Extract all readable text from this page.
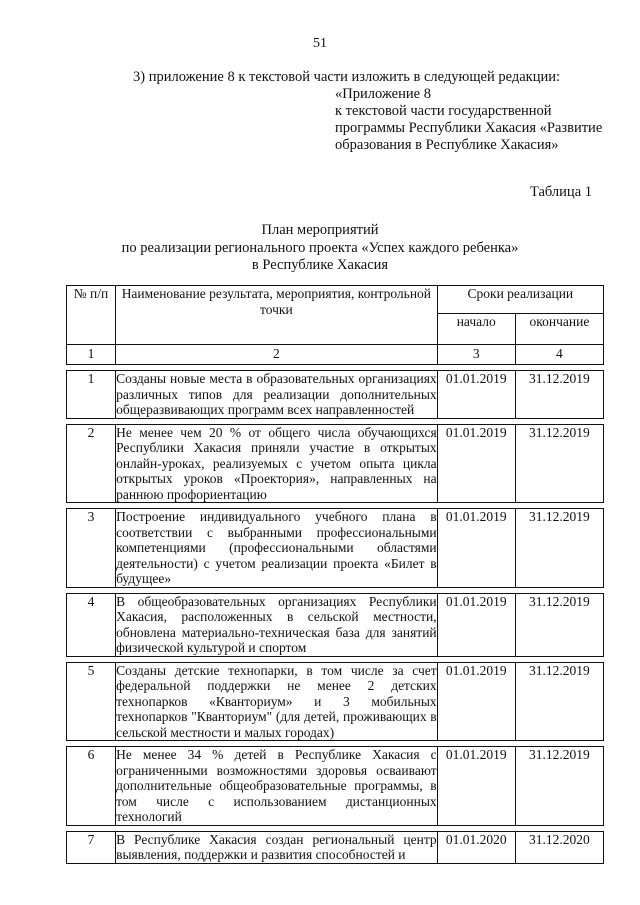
51
3) приложение 8 к текстовой части изложить в следующей редакции:
«Приложение 8
к текстовой части государственной
программы Республики Хакасия «Развитие
образования в Республике Хакасия»
Таблица 1
План мероприятий
по реализации регионального проекта «Успех каждого ребенка»
в Республике Хакасия
№ п/п	Наименование результата, мероприятия, контрольной точки	Сроки реализации	
		начало	окончание
1	2	3	4

1	Созданы новые места в образовательных организациях различных типов для реализации дополнительных общеразвивающих программ всех направленностей	01.01.2019	31.12.2019

2	Не менее чем 20 % от общего числа обучающихся Республики Хакасия приняли участие в открытых онлайн-уроках, реализуемых с учетом опыта цикла открытых уроков «Проектория», направленных на раннюю профориентацию	01.01.2019	31.12.2019

3	Построение индивидуального учебного плана в соответствии с выбранными профессиональными компетенциями (профессиональными областями деятельности) с учетом реализации проекта «Билет в будущее»	01.01.2019	31.12.2019

4	В общеобразовательных организациях Республики Хакасия, расположенных в сельской местности, обновлена материально-техническая база для занятий физической культурой и спортом	01.01.2019	31.12.2019

5	Созданы детские технопарки, в том числе за счет федеральной поддержки не менее 2 детских технопарков «Кванториум» и 3 мобильных технопарков "Кванториум" (для детей, проживающих в сельской местности и малых городах)	01.01.2019	31.12.2019

6	Не менее 34 % детей в Республике Хакасия с ограниченными возможностями здоровья осваивают дополнительные общеобразовательные программы, в том числе с использованием дистанционных технологий	01.01.2019	31.12.2019

7	В Республике Хакасия создан региональный центр выявления, поддержки и развития способностей и	01.01.2020	31.12.2020
